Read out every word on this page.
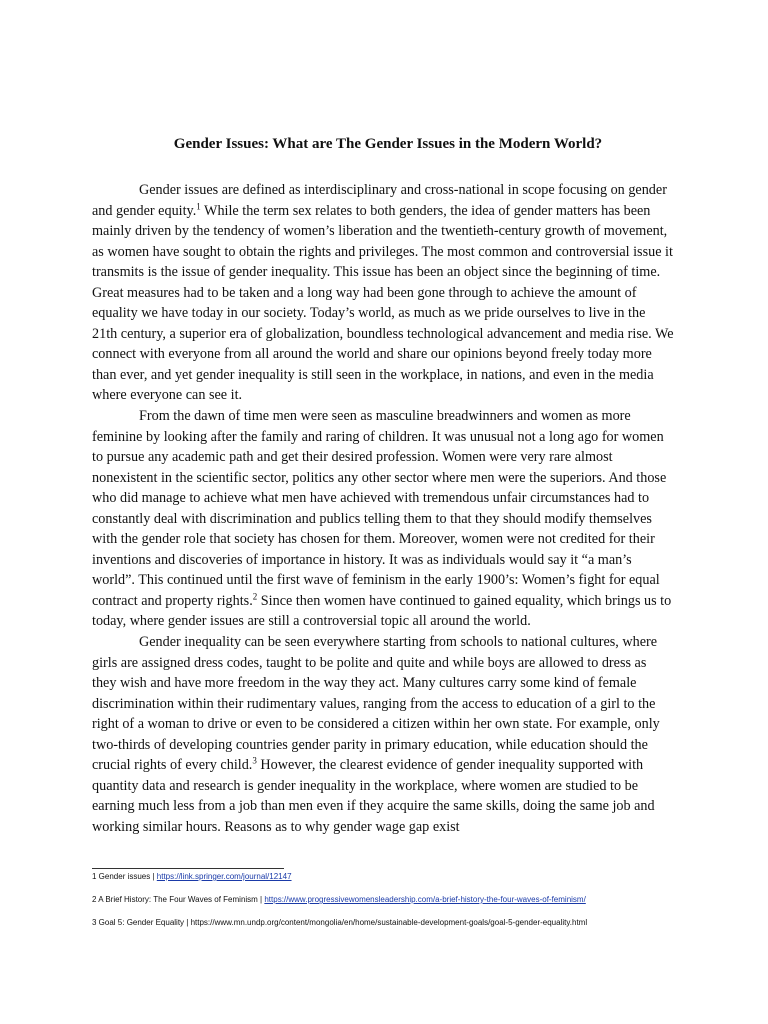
Gender Issues: What are The Gender Issues in the Modern World?

Gender issues are defined as interdisciplinary and cross-national in scope focusing on gender and gender equity.$^1$ While the term sex relates to both genders, the idea of gender matters has been mainly driven by the tendency of women’s liberation and the twentieth-century growth of movement, as women have sought to obtain the rights and privileges. The most common and controversial issue it transmits is the issue of gender inequality. This issue has been an object since the beginning of time. Great measures had to be taken and a long way had been gone through to achieve the amount of equality we have today in our society. Today’s world, as much as we pride ourselves to live in the 21th century, a superior era of globalization, boundless technological advancement and media rise. We connect with everyone from all around the world and share our opinions beyond freely today more than ever, and yet gender inequality is still seen in the workplace, in nations, and even in the media where everyone can see it.

From the dawn of time men were seen as masculine breadwinners and women as more feminine by looking after the family and raring of children. It was unusual not a long ago for women to pursue any academic path and get their desired profession. Women were very rare almost nonexistent in the scientific sector, politics any other sector where men were the superiors. And those who did manage to achieve what men have achieved with tremendous unfair circumstances had to constantly deal with discrimination and publics telling them to that they should modify themselves with the gender role that society has chosen for them. Moreover, women were not credited for their inventions and discoveries of importance in history. It was as individuals would say it “a man’s world”. This continued until the first wave of feminism in the early 1900’s: Women’s fight for equal contract and property rights.$^2$ Since then women have continued to gained equality, which brings us to today, where gender issues are still a controversial topic all around the world.

Gender inequality can be seen everywhere starting from schools to national cultures, where girls are assigned dress codes, taught to be polite and quite and while boys are allowed to dress as they wish and have more freedom in the way they act. Many cultures carry some kind of female discrimination within their rudimentary values, ranging from the access to education of a girl to the right of a woman to drive or even to be considered a citizen within her own state. For example, only two-thirds of developing countries gender parity in primary education, while education should the crucial rights of every child.$^3$ However, the clearest evidence of gender inequality supported with quantity data and research is gender inequality in the workplace, where women are studied to be earning much less from a job than men even if they acquire the same skills, doing the same job and working similar hours. Reasons as to why gender wage gap exist

1 Gender issues | https://link.springer.com/journal/12147
2 A Brief History: The Four Waves of Feminism | https://www.progressivewomensleadership.com/a-brief-history-the-four-waves-of-feminism/
3 Goal 5: Gender Equality | https://www.mn.undp.org/content/mongolia/en/home/sustainable-development-goals/goal-5-gender-equality.html
